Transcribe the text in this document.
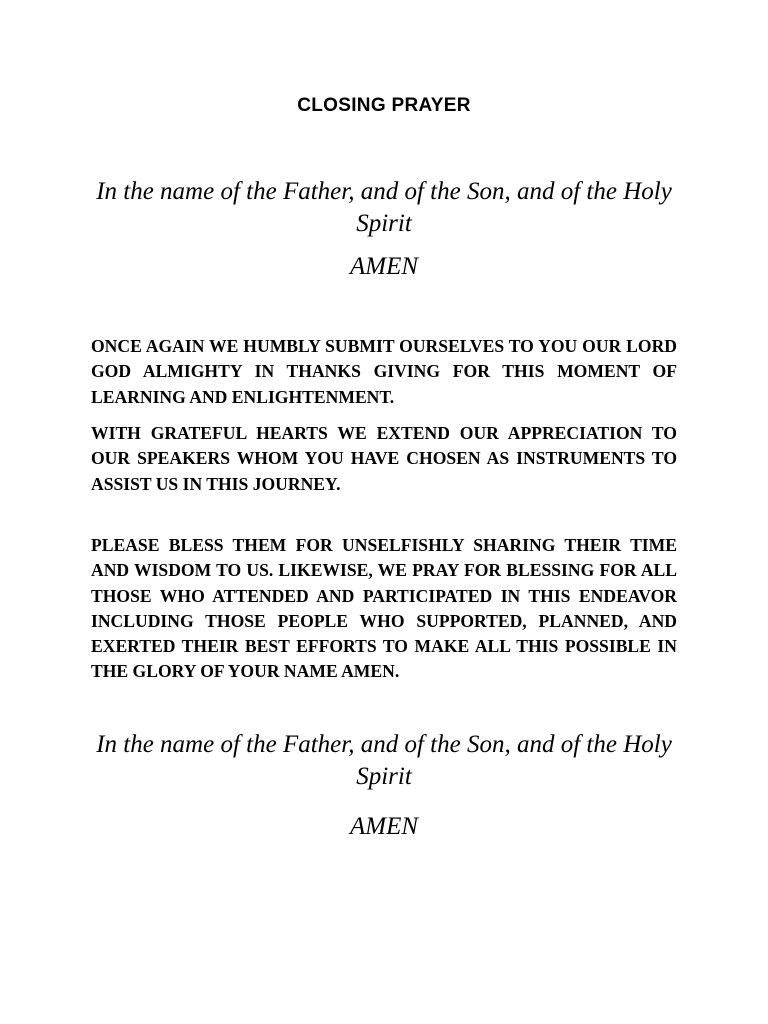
CLOSING PRAYER

In the name of the Father, and of the Son, and of the Holy Spirit

AMEN

ONCE AGAIN WE HUMBLY SUBMIT OURSELVES TO YOU OUR LORD GOD ALMIGHTY IN THANKS GIVING FOR THIS MOMENT OF LEARNING AND ENLIGHTENMENT.

WITH GRATEFUL HEARTS WE EXTEND OUR APPRECIATION TO OUR SPEAKERS WHOM YOU HAVE CHOSEN AS INSTRUMENTS TO ASSIST US IN THIS JOURNEY.

PLEASE BLESS THEM FOR UNSELFISHLY SHARING THEIR TIME AND WISDOM TO US. LIKEWISE, WE PRAY FOR BLESSING FOR ALL THOSE WHO ATTENDED AND PARTICIPATED IN THIS ENDEAVOR INCLUDING THOSE PEOPLE WHO SUPPORTED, PLANNED, AND EXERTED THEIR BEST EFFORTS TO MAKE ALL THIS POSSIBLE IN THE GLORY OF YOUR NAME AMEN.

In the name of the Father, and of the Son, and of the Holy Spirit

AMEN
